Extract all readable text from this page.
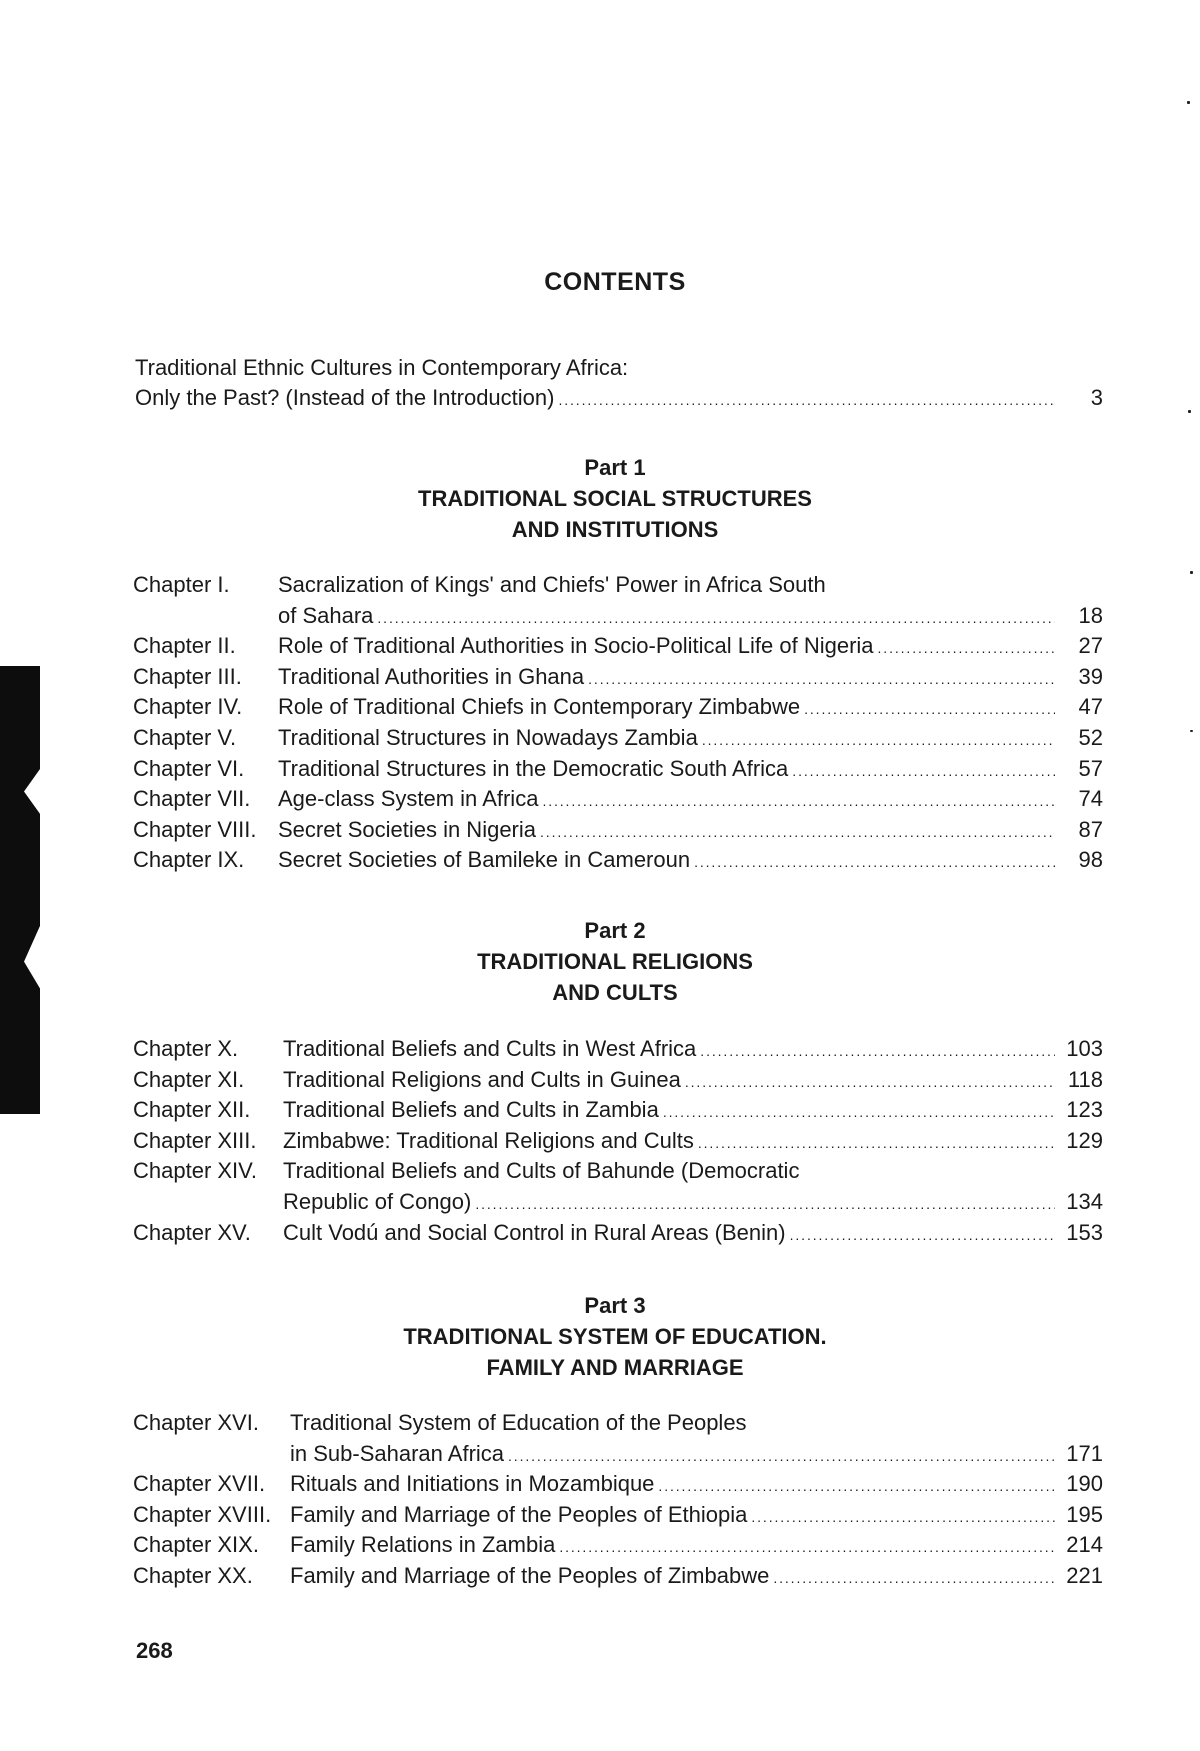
CONTENTS
Traditional Ethnic Cultures in Contemporary Africa:
Only the Past? (Instead of the Introduction) . . .	3
Part 1
TRADITIONAL SOCIAL STRUCTURES
AND INSTITUTIONS
Chapter I.	Sacralization of Kings' and Chiefs' Power in Africa South
of Sahara . . .	18
Chapter II.	Role of Traditional Authorities in Socio-Political Life of Nigeria . . .	27
Chapter III.	Traditional Authorities in Ghana . . .	39
Chapter IV.	Role of Traditional Chiefs in Contemporary Zimbabwe . . .	47
Chapter V.	Traditional Structures in Nowadays Zambia . . .	52
Chapter VI.	Traditional Structures in the Democratic South Africa . . .	57
Chapter VII.	Age-class System in Africa . . .	74
Chapter VIII. Secret Societies in Nigeria . . .	87
Chapter IX.	Secret Societies of Bamileke in Cameroun . . .	98
Part 2
TRADITIONAL RELIGIONS
AND CULTS
Chapter X.	Traditional Beliefs and Cults in West Africa . . .	103
Chapter XI.	Traditional Religions and Cults in Guinea . . .	118
Chapter XII.	Traditional Beliefs and Cults in Zambia . . .	123
Chapter XIII.	Zimbabwe: Traditional Religions and Cults . . .	129
Chapter XIV.	Traditional Beliefs and Cults of Bahunde (Democratic
Republic of Congo) . . .	134
Chapter XV.	Cult Vodú and Social Control in Rural Areas (Benin) . . .	153
Part 3
TRADITIONAL SYSTEM OF EDUCATION.
FAMILY AND MARRIAGE
Chapter XVI.	Traditional System of Education of the Peoples
in Sub-Saharan Africa . . .	171
Chapter XVII.	Rituals and Initiations in Mozambique . . .	190
Chapter XVIII. Family and Marriage of the Peoples of Ethiopia . . .	195
Chapter XIX.	Family Relations in Zambia . . .	214
Chapter XX.	Family and Marriage of the Peoples of Zimbabwe . . .	221
268
